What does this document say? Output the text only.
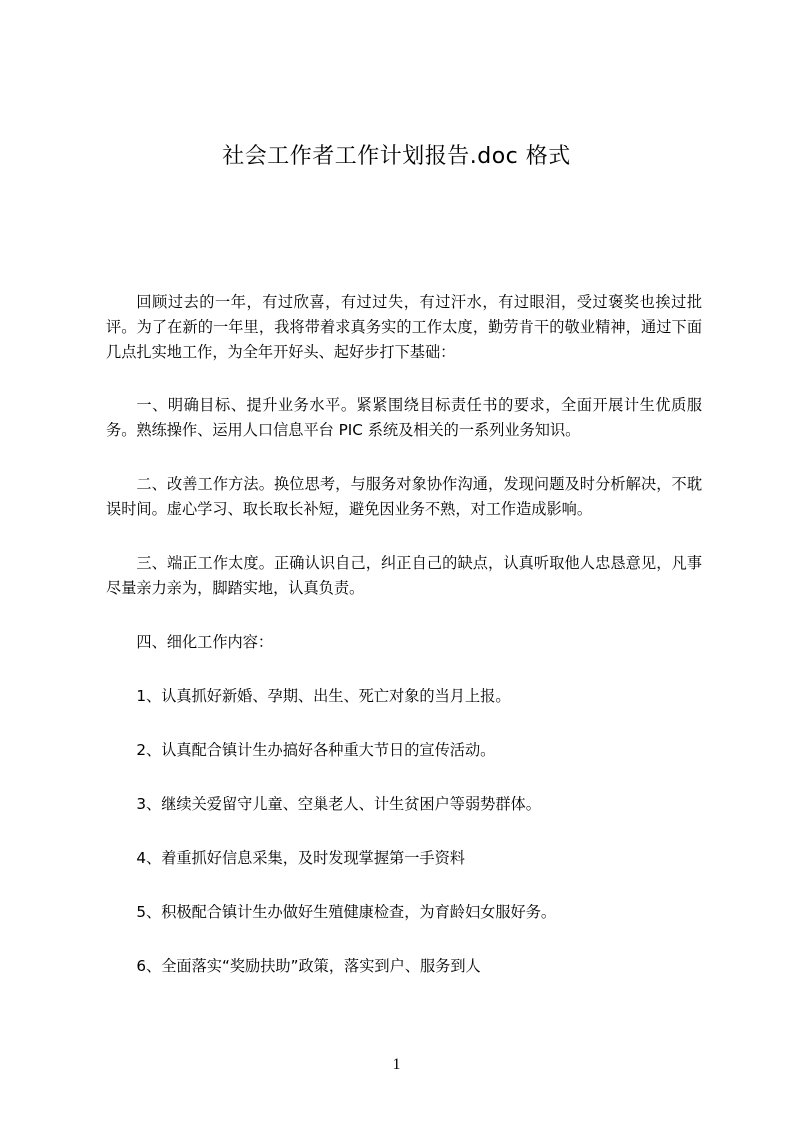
社会工作者工作计划报告.doc 格式

回顾过去的一年，有过欣喜，有过过失，有过汗水，有过眼泪，受过褒奖也挨过批评。为了在新的一年里，我将带着求真务实的工作太度，勤劳肯干的敬业精神，通过下面几点扎实地工作，为全年开好头、起好步打下基础：

一、明确目标、提升业务水平。紧紧围绕目标责任书的要求，全面开展计生优质服务。熟练操作、运用人口信息平台 PIC 系统及相关的一系列业务知识。

二、改善工作方法。换位思考，与服务对象协作沟通，发现问题及时分析解决，不耽误时间。虚心学习、取长取长补短，避免因业务不熟，对工作造成影响。

三、端正工作太度。正确认识自己，纠正自己的缺点，认真听取他人忠恳意见，凡事尽量亲力亲为，脚踏实地，认真负责。

四、细化工作内容：

1、认真抓好新婚、孕期、出生、死亡对象的当月上报。

2、认真配合镇计生办搞好各种重大节日的宣传活动。

3、继续关爱留守儿童、空巢老人、计生贫困户等弱势群体。

4、着重抓好信息采集，及时发现掌握第一手资料

5、积极配合镇计生办做好生殖健康检查，为育龄妇女服好务。

6、全面落实“奖励扶助”政策，落实到户、服务到人

1
